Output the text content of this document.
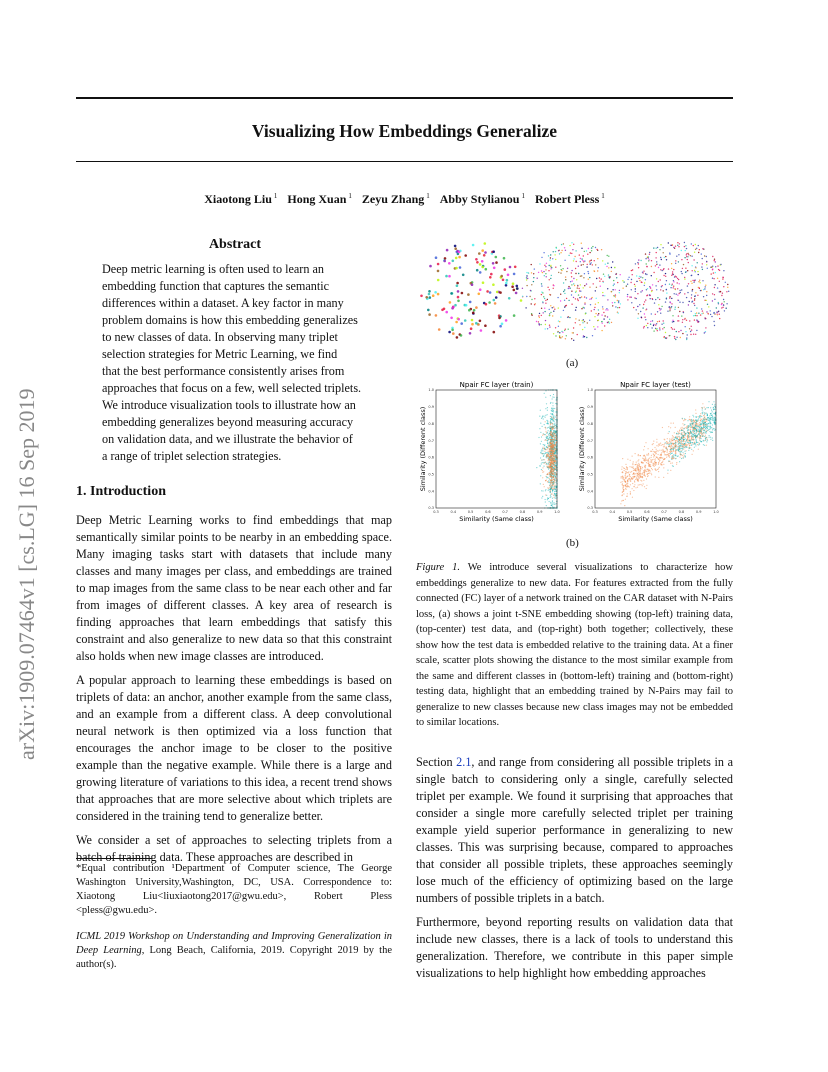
arXiv:1909.07464v1 [cs.LG] 16 Sep 2019
Visualizing How Embeddings Generalize
Xiaotong Liu $^1$ Hong Xuan $^1$ Zeyu Zhang $^1$ Abby Stylianou $^1$ Robert Pless $^1$
Abstract
Deep metric learning is often used to learn an
embedding function that captures the semantic
differences within a dataset. A key factor in many
problem domains is how this embedding generalizes
to new classes of data. In observing many triplet
selection strategies for Metric Learning, we find
that the best performance consistently arises from
approaches that focus on a few, well selected triplets.
We introduce visualization tools to illustrate how an
embedding generalizes beyond measuring accuracy
on validation data, and we illustrate the behavior of
a range of triplet selection strategies.
1. Introduction

Deep Metric Learning works to find embeddings that map semantically similar points to be nearby in an embedding space. Many imaging tasks start with datasets that include many classes and many images per class, and embeddings are trained to map images from the same class to be near each other and far from images of different classes. A key area of research is finding approaches that learn embeddings that satisfy this constraint and also generalize to new data so that this constraint also holds when new image classes are introduced.

A popular approach to learning these embeddings is based on triplets of data: an anchor, another example from the same class, and an example from a different class. A deep convolutional neural network is then optimized via a loss function that encourages the anchor image to be closer to the positive example than the negative example. While there is a large and growing literature of variations to this idea, a recent trend shows that approaches that are more selective about which triplets are considered in the training tend to generalize better.

We consider a set of approaches to selecting triplets from a batch of training data. These approaches are described in

*Equal contribution ¹Department of Computer science, The George Washington University,Washington, DC, USA. Correspondence to: Xiaotong Liu<liuxiaotong2017@gwu.edu>, Robert Pless <pless@gwu.edu>.
ICML 2019 Workshop on Understanding and Improving Generalization in Deep Learning, Long Beach, California, 2019. Copyright 2019 by the author(s).
(a)
0.3	0.4	0.5	0.6	0.7	0.8	0.9	1.0
0.3
0.4
0.5
0.6
0.7
0.8
0.9
1.0
Npair FC layer (train)
Similarity (Same class)
Similarity (Different class)
0.3	0.4	0.5	0.6	0.7	0.8	0.9	1.0
0.3
0.4
0.5
0.6
0.7
0.8
0.9
1.0
Npair FC layer (test)
Similarity (Same class)
Similarity (Different class)
(b)
Figure 1. We introduce several visualizations to characterize how embeddings generalize to new data. For features extracted from the fully connected (FC) layer of a network trained on the CAR dataset with N-Pairs loss, (a) shows a joint t-SNE embedding showing (top-left) training data, (top-center) test data, and (top-right) both together; collectively, these show how the test data is embedded relative to the training data. At a finer scale, scatter plots showing the distance to the most similar example from the same and different classes in (bottom-left) training and (bottom-right) testing data, highlight that an embedding trained by N-Pairs may fail to generalize to new classes because new class images may not be embedded to similar locations.

Section 2.1, and range from considering all possible triplets in a single batch to considering only a single, carefully selected triplet per example. We found it surprising that approaches that consider a single more carefully selected triplet per training example yield superior performance in generalizing to new classes. This was surprising because, compared to approaches that consider all possible triplets, these approaches seemingly lose much of the efficiency of optimizing based on the large numbers of possible triplets in a batch.

Furthermore, beyond reporting results on validation data that include new classes, there is a lack of tools to understand this generalization. Therefore, we contribute in this paper simple visualizations to help highlight how embedding approaches
